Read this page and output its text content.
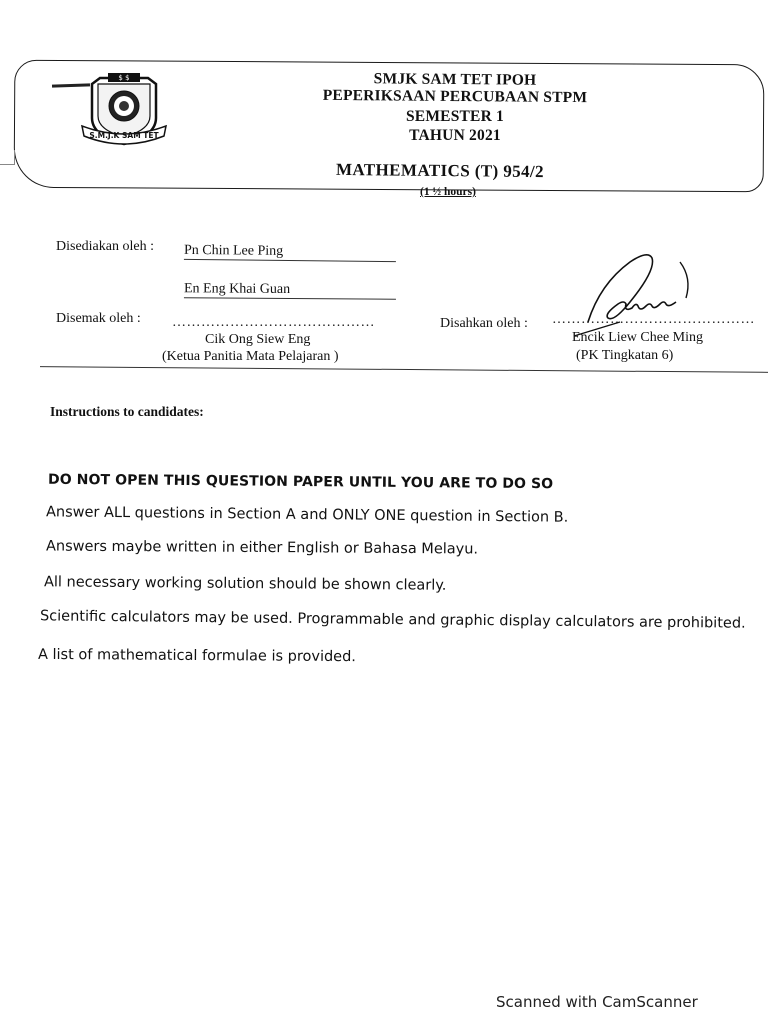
$ $
S.M.J.K SAM TET
SMJK SAM TET IPOH
PEPERIKSAAN PERCUBAAN STPM
SEMESTER 1
TAHUN 2021
MATHEMATICS (T) 954/2
(1 ½ hours)
Disediakan oleh : Pn Chin Lee Ping
En Eng Khai Guan
Disemak oleh : ……………………………………
Cik Ong Siew Eng
(Ketua Panitia Mata Pelajaran )
Disahkan oleh : ……………………………………
Encik Liew Chee Ming
(PK Tingkatan 6)
Instructions to candidates:
DO NOT OPEN THIS QUESTION PAPER UNTIL YOU ARE TO DO SO
Answer ALL questions in Section A and ONLY ONE question in Section B.
Answers maybe written in either English or Bahasa Melayu.
All necessary working solution should be shown clearly.
Scientific calculators may be used. Programmable and graphic display calculators are prohibited.
A list of mathematical formulae is provided.
Scanned with CamScanner
